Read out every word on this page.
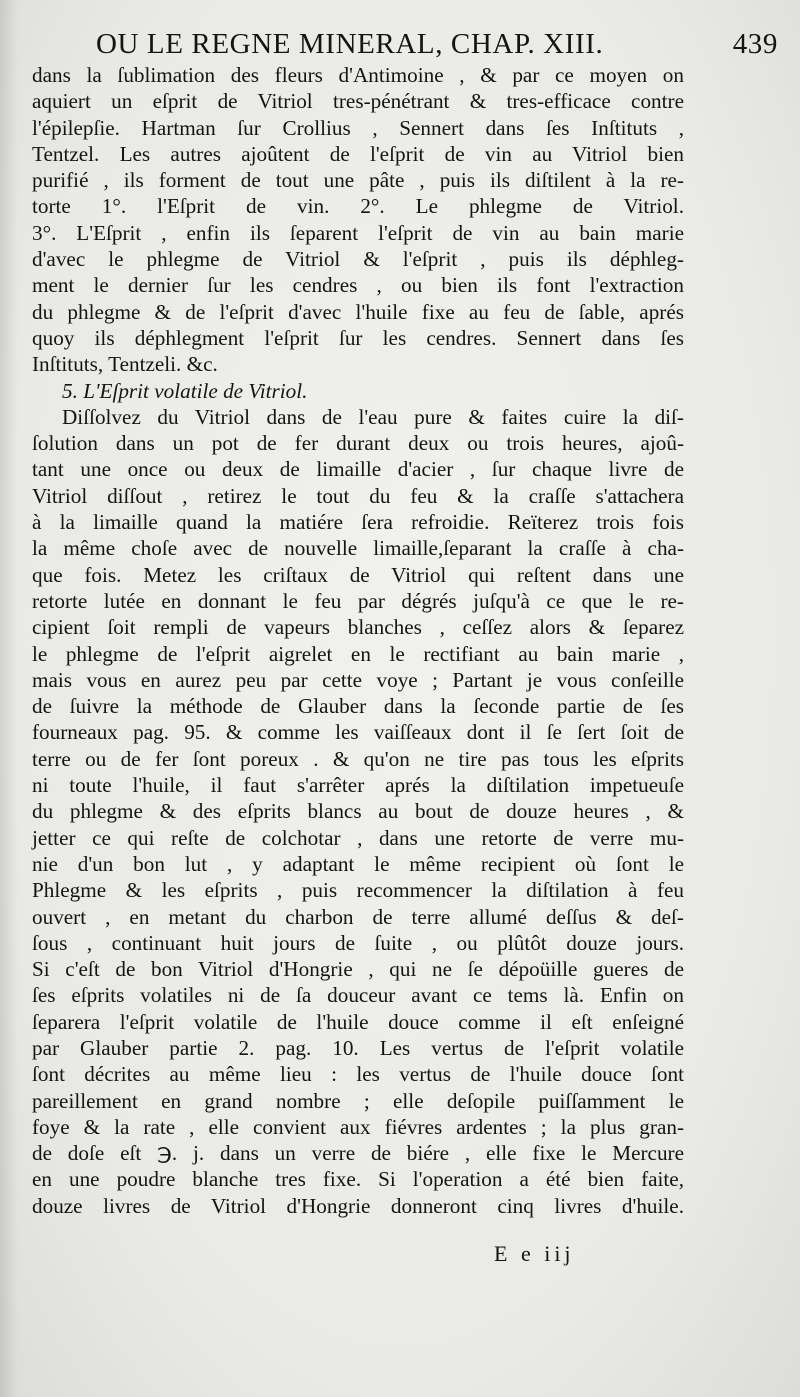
OU LE REGNE MINERAL, CHAP. XIII.	439

dans la ſublimation des fleurs d'Antimoine , & par ce moyen on

aquiert un eſprit de Vitriol tres-pénétrant & tres-efficace contre

l'épilepſie. Hartman ſur Crollius , Sennert dans ſes Inſtituts ,

Tentzel. Les autres ajoûtent de l'eſprit de vin au Vitriol bien

purifié , ils forment de tout une pâte , puis ils diſtilent à la re-

torte 1°. l'Eſprit de vin. 2°. Le phlegme de Vitriol.

3°. L'Eſprit , enfin ils ſeparent l'eſprit de vin au bain marie

d'avec le phlegme de Vitriol & l'eſprit , puis ils déphleg-

ment le dernier ſur les cendres , ou bien ils font l'extraction

du phlegme & de l'eſprit d'avec l'huile fixe au feu de ſable, aprés

quoy ils déphlegment l'eſprit ſur les cendres. Sennert dans ſes

Inſtituts, Tentzeli. &c.

5. L'Eſprit volatile de Vitriol.

Diſſolvez du Vitriol dans de l'eau pure & faites cuire la diſ-

ſolution dans un pot de fer durant deux ou trois heures, ajoû-

tant une once ou deux de limaille d'acier , ſur chaque livre de

Vitriol diſſout , retirez le tout du feu & la craſſe s'attachera

à la limaille quand la matiére ſera refroidie. Reïterez trois fois

la même choſe avec de nouvelle limaille,ſeparant la craſſe à cha-

que fois. Metez les criſtaux de Vitriol qui reſtent dans une

retorte lutée en donnant le feu par dégrés juſqu'à ce que le re-

cipient ſoit rempli de vapeurs blanches , ceſſez alors & ſeparez

le phlegme de l'eſprit aigrelet en le rectifiant au bain marie ,

mais vous en aurez peu par cette voye ; Partant je vous conſeille

de ſuivre la méthode de Glauber dans la ſeconde partie de ſes

fourneaux pag. 95. & comme les vaiſſeaux dont il ſe ſert ſoit de

terre ou de fer ſont poreux . & qu'on ne tire pas tous les eſprits

ni toute l'huile, il faut s'arrêter aprés la diſtilation impetueuſe

du phlegme & des eſprits blancs au bout de douze heures , &

jetter ce qui reſte de colchotar , dans une retorte de verre mu-

nie d'un bon lut , y adaptant le même recipient où ſont le

Phlegme & les eſprits , puis recommencer la diſtilation à feu

ouvert , en metant du charbon de terre allumé deſſus & deſ-

ſous , continuant huit jours de ſuite , ou plûtôt douze jours.

Si c'eſt de bon Vitriol d'Hongrie , qui ne ſe dépoüille gueres de

ſes eſprits volatiles ni de ſa douceur avant ce tems là. Enfin on

ſeparera l'eſprit volatile de l'huile douce comme il eſt enſeigné

par Glauber partie 2. pag. 10. Les vertus de l'eſprit volatile

ſont décrites au même lieu : les vertus de l'huile douce ſont

pareillement en grand nombre ; elle deſopile puiſſamment le

foye & la rate , elle convient aux fiévres ardentes ; la plus gran-

de doſe eſt ℈. j. dans un verre de biére , elle fixe le Mercure

en une poudre blanche tres fixe. Si l'operation a été bien faite,

douze livres de Vitriol d'Hongrie donneront cinq livres d'huile.

E e iij
